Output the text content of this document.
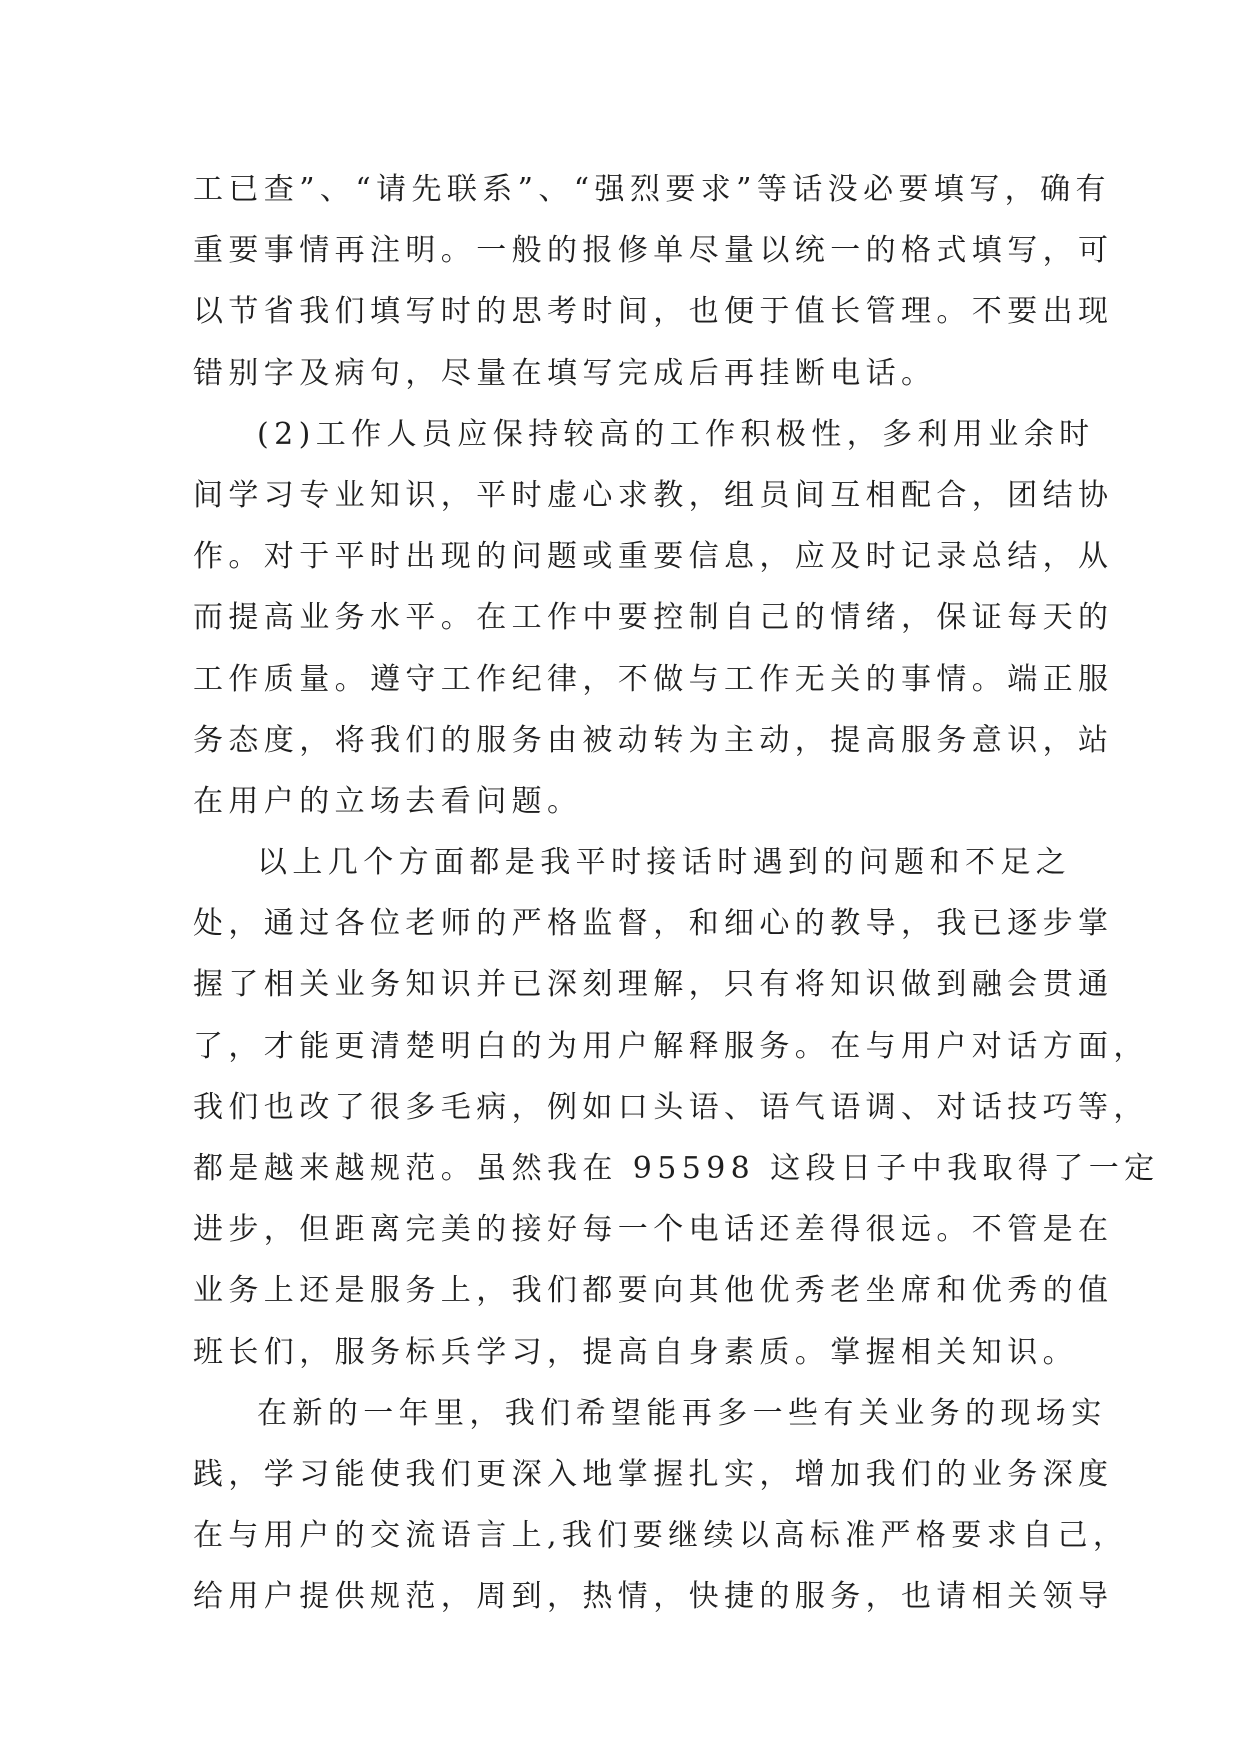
工已查”、“请先联系”、“强烈要求”等话没必要填写，确有
重要事情再注明。一般的报修单尽量以统一的格式填写，可
以节省我们填写时的思考时间，也便于值长管理。不要出现
错别字及病句，尽量在填写完成后再挂断电话。
(2)工作人员应保持较高的工作积极性，多利用业余时
间学习专业知识，平时虚心求教，组员间互相配合，团结协
作。对于平时出现的问题或重要信息，应及时记录总结，从
而提高业务水平。在工作中要控制自己的情绪，保证每天的
工作质量。遵守工作纪律，不做与工作无关的事情。端正服
务态度，将我们的服务由被动转为主动，提高服务意识，站
在用户的立场去看问题。
以上几个方面都是我平时接话时遇到的问题和不足之
处，通过各位老师的严格监督，和细心的教导，我已逐步掌
握了相关业务知识并已深刻理解，只有将知识做到融会贯通
了，才能更清楚明白的为用户解释服务。在与用户对话方面，
我们也改了很多毛病，例如口头语、语气语调、对话技巧等，
都是越来越规范。虽然我在 95598 这段日子中我取得了一定
进步，但距离完美的接好每一个电话还差得很远。不管是在
业务上还是服务上，我们都要向其他优秀老坐席和优秀的值
班长们，服务标兵学习，提高自身素质。掌握相关知识。
在新的一年里，我们希望能再多一些有关业务的现场实
践，学习能使我们更深入地掌握扎实，增加我们的业务深度
在与用户的交流语言上,我们要继续以高标准严格要求自己，
给用户提供规范，周到，热情，快捷的服务，也请相关领导
